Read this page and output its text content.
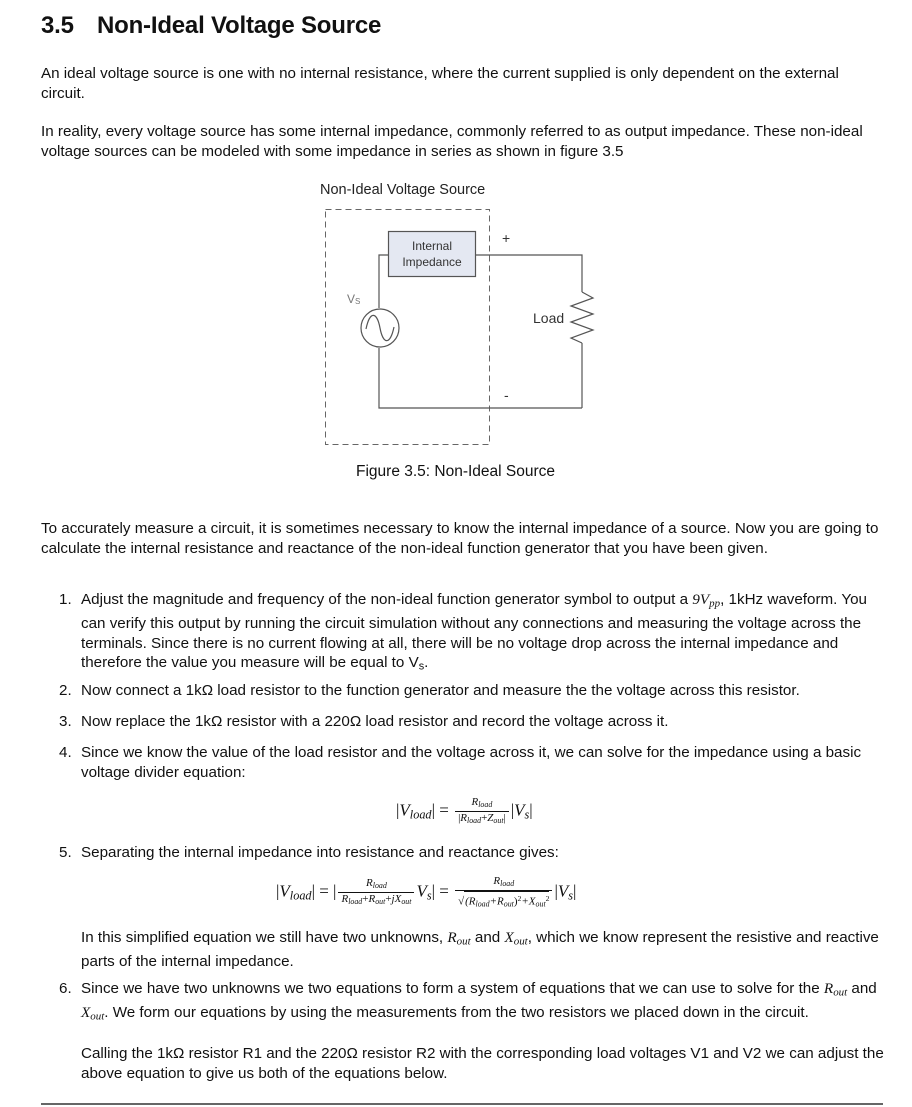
3.5 Non-Ideal Voltage Source
An ideal voltage source is one with no internal resistance, where the current supplied is only dependent on the external circuit.
In reality, every voltage source has some internal impedance, commonly referred to as output impedance. These non-ideal voltage sources can be modeled with some impedance in series as shown in figure 3.5
Non-Ideal Voltage Source
Internal
Impedance
VS
Load
+
-
Figure 3.5: Non-Ideal Source
To accurately measure a circuit, it is sometimes necessary to know the internal impedance of a source. Now you are going to calculate the internal resistance and reactance of the non-ideal function generator that you have been given.
1. Adjust the magnitude and frequency of the non-ideal function generator symbol to output a $9V_{pp}$, 1kHz waveform. You can verify this output by running the circuit simulation without any connections and measuring the voltage across the terminals. Since there is no current flowing at all, there will be no voltage drop across the internal impedance and therefore the value you measure will be equal to $V_s$.
2. Now connect a 1kΩ load resistor to the function generator and measure the the voltage across this resistor.
3. Now replace the 1kΩ resistor with a 220Ω load resistor and record the voltage across it.
4. Since we know the value of the load resistor and the voltage across it, we can solve for the impedance using a basic voltage divider equation:
$|V_{load}| = \frac{R_{load}}{|R_{load}+Z_{out}|} |V_s|$
5. Separating the internal impedance into resistance and reactance gives:
$|V_{load}|$ = | $\frac{R_{load}}{R_{load}+R_{out}+jX_{out}} V_s| = \frac{R_{load}}{√(R_{load}+R_{out})^2+X_{out}^2} |V_s|$
In this simplified equation we still have two unknowns, $R_{out}$ and $X_{out}$, which we know represent the resistive and reactive parts of the internal impedance.
6. Since we have two unknowns we two equations to form a system of equations that we can use to solve for the $R_{out}$ and $X_{out}$. We form our equations by using the measurements from the two resistors we placed down in the circuit.
Calling the 1kΩ resistor R1 and the 220Ω resistor R2 with the corresponding load voltages V1 and V2 we can adjust the above equation to give us both of the equations below.
